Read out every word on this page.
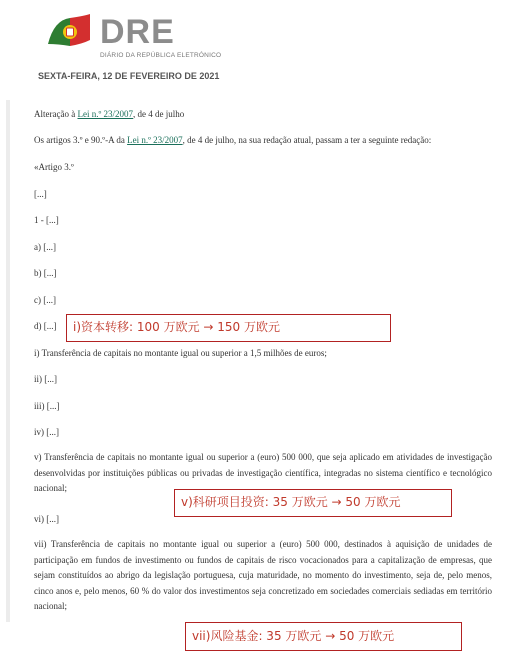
DRE
DIÁRIO DA REPÚBLICA ELETRÓNICO
SEXTA-FEIRA, 12 DE FEVEREIRO DE 2021
Alteração à Lei n.º 23/2007, de 4 de julho
Os artigos 3.º e 90.º-A da Lei n.º 23/2007, de 4 de julho, na sua redação atual, passam a ter a seguinte redação:
«Artigo 3.º
[...]
1 - [...]
a) [...]
b) [...]
c) [...]
d) [...]
i) Transferência de capitais no montante igual ou superior a 1,5 milhões de euros;
ii) [...]
iii) [...]
iv) [...]
v) Transferência de capitais no montante igual ou superior a (euro) 500 000, que seja aplicado em atividades de investigação desenvolvidas por instituições públicas ou privadas de investigação científica, integradas no sistema científico e tecnológico nacional;
vi) [...]
vii) Transferência de capitais no montante igual ou superior a (euro) 500 000, destinados à aquisição de unidades de participação em fundos de investimento ou fundos de capitais de risco vocacionados para a capitalização de empresas, que sejam constituídos ao abrigo da legislação portuguesa, cuja maturidade, no momento do investimento, seja de, pelo menos, cinco anos e, pelo menos, 60 % do valor dos investimentos seja concretizado em sociedades comerciais sediadas em território nacional;
i)资本转移: 100 万欧元 → 150 万欧元
v)科研项目投资: 35 万欧元 → 50 万欧元
vii)风险基金: 35 万欧元 → 50 万欧元
